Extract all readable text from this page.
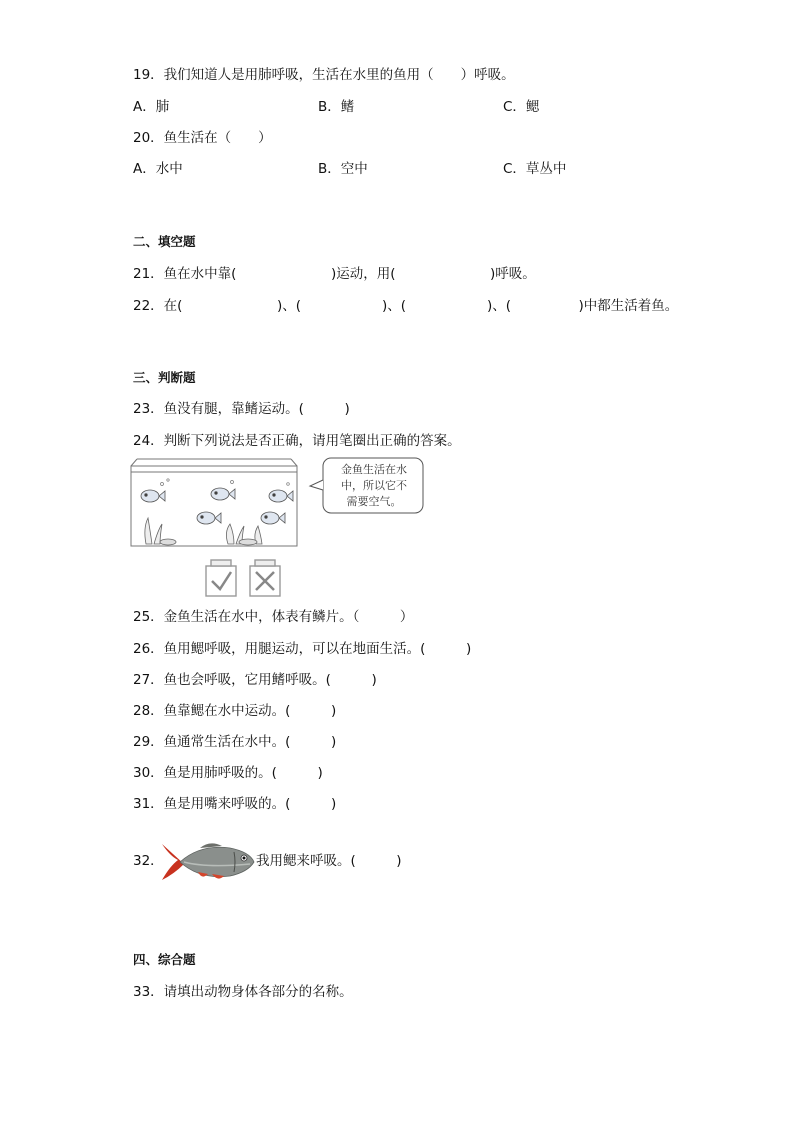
19．我们知道人是用肺呼吸，生活在水里的鱼用（　　）呼吸。
A．肺	B．鳍	C．鳃
20．鱼生活在（　　）
A．水中	B．空中	C．草丛中
二、填空题
21．鱼在水中靠(　　　　　　　)运动，用(　　　　　　　)呼吸。
22．在(　　　　　　　)、(　　　　　　)、(　　　　　　)、(　　　　　)中都生活着鱼。
三、判断题
23．鱼没有腿，靠鳍运动。(　　　)
24．判断下列说法是否正确，请用笔圈出正确的答案。
金鱼生活在水
中，所以它不
需要空气。
25．金鱼生活在水中，体表有鳞片。（　　　）
26．鱼用鳃呼吸，用腿运动，可以在地面生活。(　　　)
27．鱼也会呼吸，它用鳍呼吸。(　　　)
28．鱼靠鳃在水中运动。(　　　)
29．鱼通常生活在水中。(　　　)
30．鱼是用肺呼吸的。(　　　)
31．鱼是用嘴来呼吸的。(　　　)
32．	我用鳃来呼吸。(　　　)
四、综合题
33．请填出动物身体各部分的名称。
